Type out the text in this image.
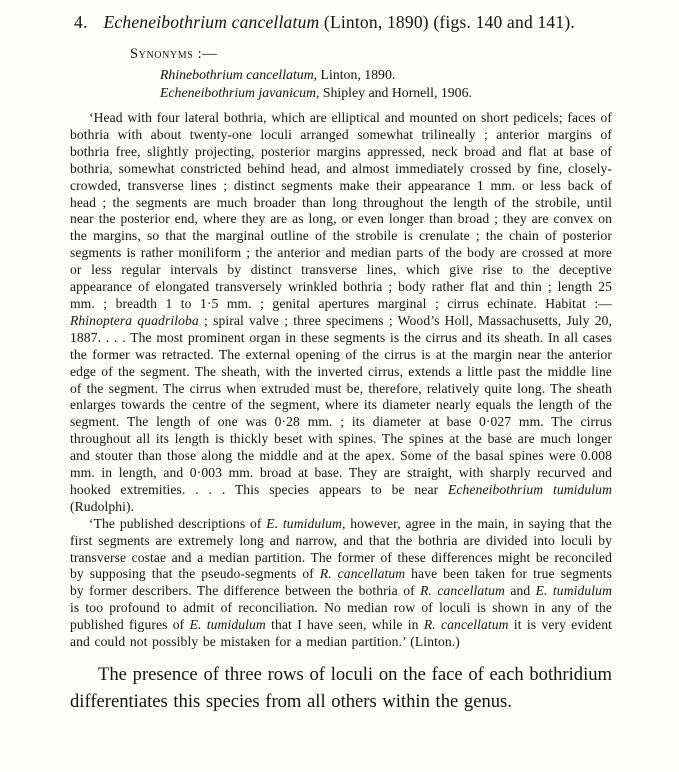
4. Echeneibothrium cancellatum (Linton, 1890) (figs. 140 and 141).
Synonyms :—
Rhinebothrium cancellatum, Linton, 1890.
Echeneibothrium javanicum, Shipley and Hornell, 1906.

‘Head with four lateral bothria, which are elliptical and mounted on short pedicels; faces of bothria with about twenty-one loculi arranged somewhat trilineally ; anterior margins of bothria free, slightly projecting, posterior margins appressed, neck broad and flat at base of bothria, somewhat constricted behind head, and almost immediately crossed by fine, closely-crowded, transverse lines ; distinct segments make their appearance 1 mm. or less back of head ; the segments are much broader than long throughout the length of the strobile, until near the posterior end, where they are as long, or even longer than broad ; they are convex on the margins, so that the marginal outline of the strobile is crenulate ; the chain of posterior segments is rather moniliform ; the anterior and median parts of the body are crossed at more or less regular intervals by distinct transverse lines, which give rise to the deceptive appearance of elongated transversely wrinkled bothria ; body rather flat and thin ; length 25 mm. ; breadth 1 to 1·5 mm. ; genital apertures marginal ; cirrus echinate. Habitat :—Rhinoptera quadriloba ; spiral valve ; three specimens ; Wood’s Holl, Massachusetts, July 20, 1887. . . . The most prominent organ in these segments is the cirrus and its sheath. In all cases the former was retracted. The external opening of the cirrus is at the margin near the anterior edge of the segment. The sheath, with the inverted cirrus, extends a little past the middle line of the segment. The cirrus when extruded must be, therefore, relatively quite long. The sheath enlarges towards the centre of the segment, where its diameter nearly equals the length of the segment. The length of one was 0·28 mm. ; its diameter at base 0·027 mm. The cirrus throughout all its length is thickly beset with spines. The spines at the base are much longer and stouter than those along the middle and at the apex. Some of the basal spines were 0.008 mm. in length, and 0·003 mm. broad at base. They are straight, with sharply recurved and hooked extremities. . . . This species appears to be near Echeneibothrium tumidulum (Rudolphi).

‘The published descriptions of E. tumidulum, however, agree in the main, in saying that the first segments are extremely long and narrow, and that the bothria are divided into loculi by transverse costae and a median partition. The former of these differences might be reconciled by supposing that the pseudo-segments of R. cancellatum have been taken for true segments by former describers. The difference between the bothria of R. cancellatum and E. tumidulum is too profound to admit of reconciliation. No median row of loculi is shown in any of the published figures of E. tumidulum that I have seen, while in R. cancellatum it is very evident and could not possibly be mistaken for a median partition.’ (Linton.)

The presence of three rows of loculi on the face of each bothridium differentiates this species from all others within the genus.
